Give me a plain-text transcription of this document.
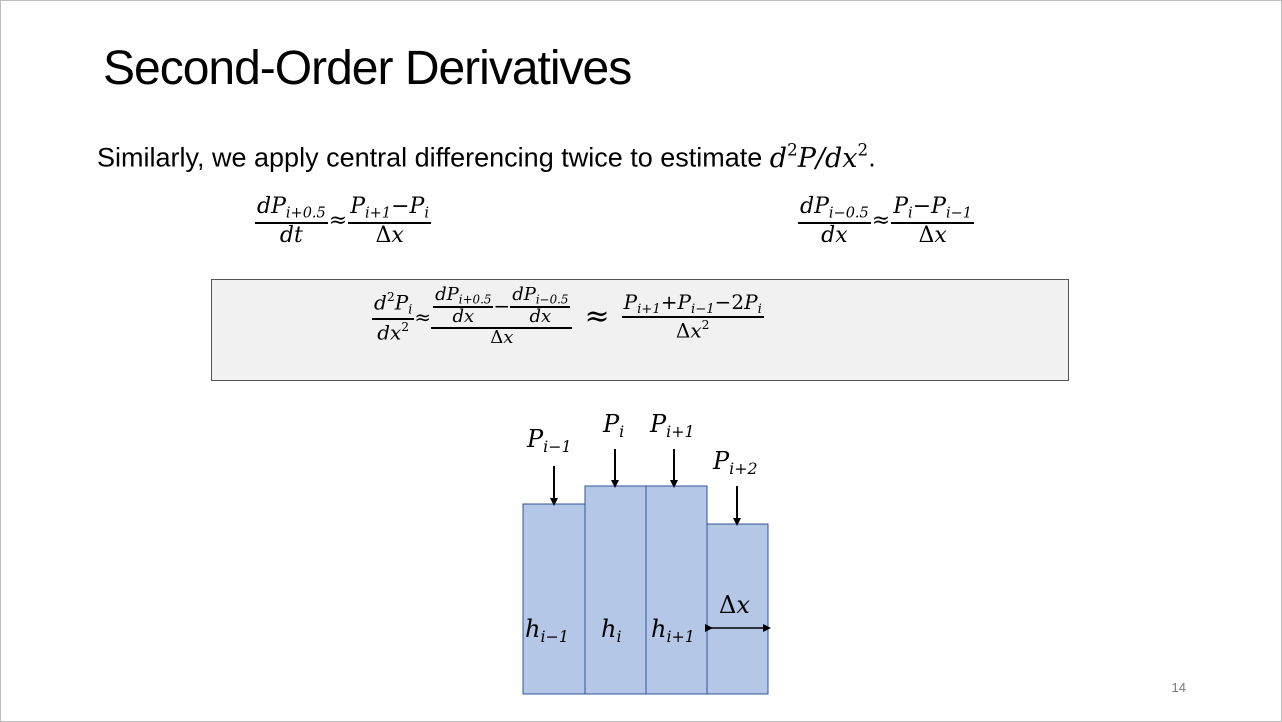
Second-Order Derivatives
Similarly, we apply central differencing twice to estimate $d^2P/dx^2$.
$\frac{dP_{i+0.5}}{dt} \approx \frac{P_{i+1}-P_i}{\Delta x}$	$\frac{dP_{i-0.5}}{dx} \approx \frac{P_i-P_{i-1}}{\Delta x}$
$\frac{d^2P_i}{dx^2} \approx \frac{dP_{i+0.5}}{dx} - \frac{dP_{i-0.5}}{dx}$
Δx
≈ $\frac{P_{i+1}+P_{i-1}-2P_i}{\Delta x^2}$
$P_{i-1}$
$P_i$ $P_{i+1}$
$P_{i+2}$
$h_{i-1}$ $h_i$ $h_{i+1}$
Δx
14
